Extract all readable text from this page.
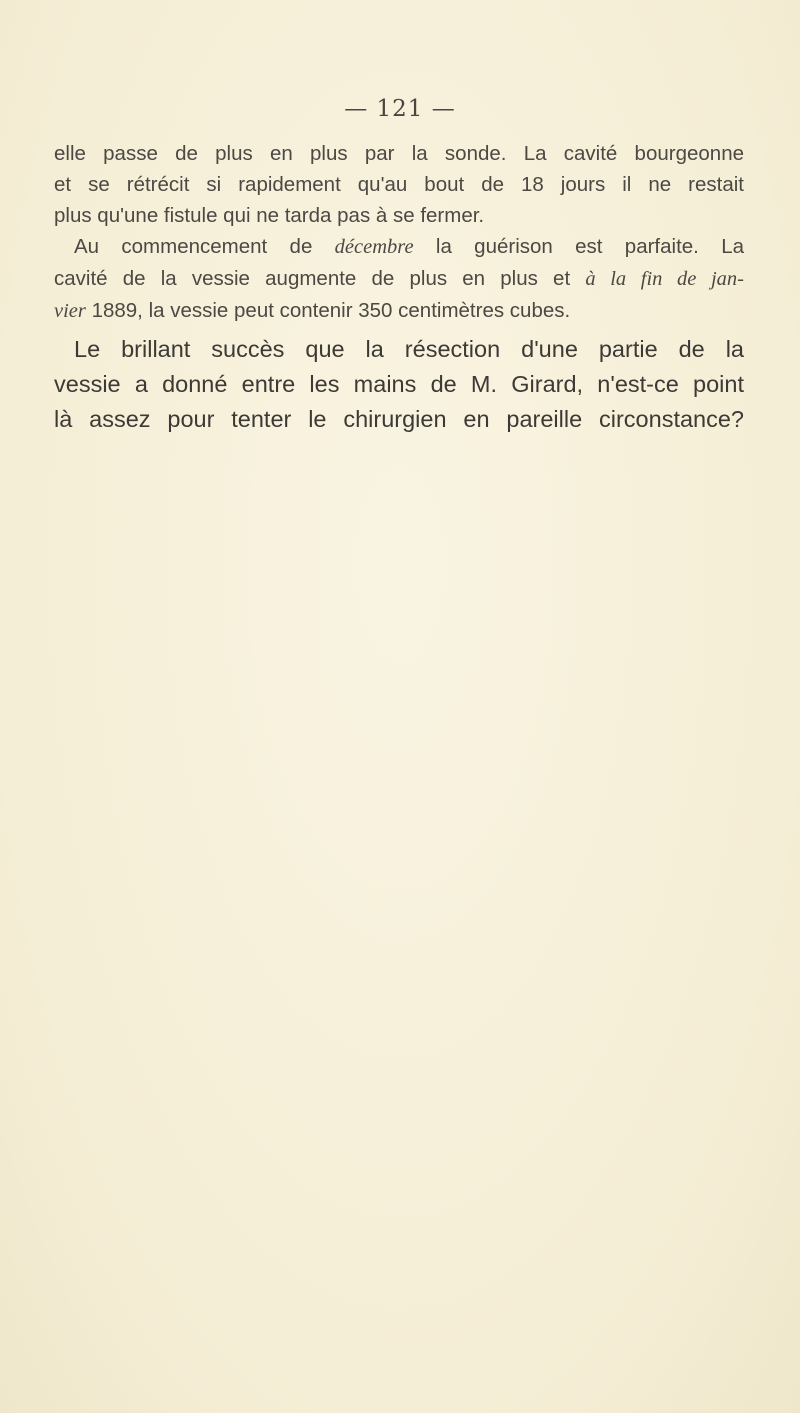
— 121 —

elle passe de plus en plus par la sonde. La cavité bourgeonne
et se rétrécit si rapidement qu'au bout de 18 jours il ne restait
plus qu'une fistule qui ne tarda pas à se fermer.

Au commencement de décembre la guérison est parfaite. La
cavité de la vessie augmente de plus en plus et à la fin de jan-
vier 1889, la vessie peut contenir 350 centimètres cubes.

Le brillant succès que la résection d'une partie de la
vessie a donné entre les mains de M. Girard, n'est-ce point
là assez pour tenter le chirurgien en pareille circonstance?
